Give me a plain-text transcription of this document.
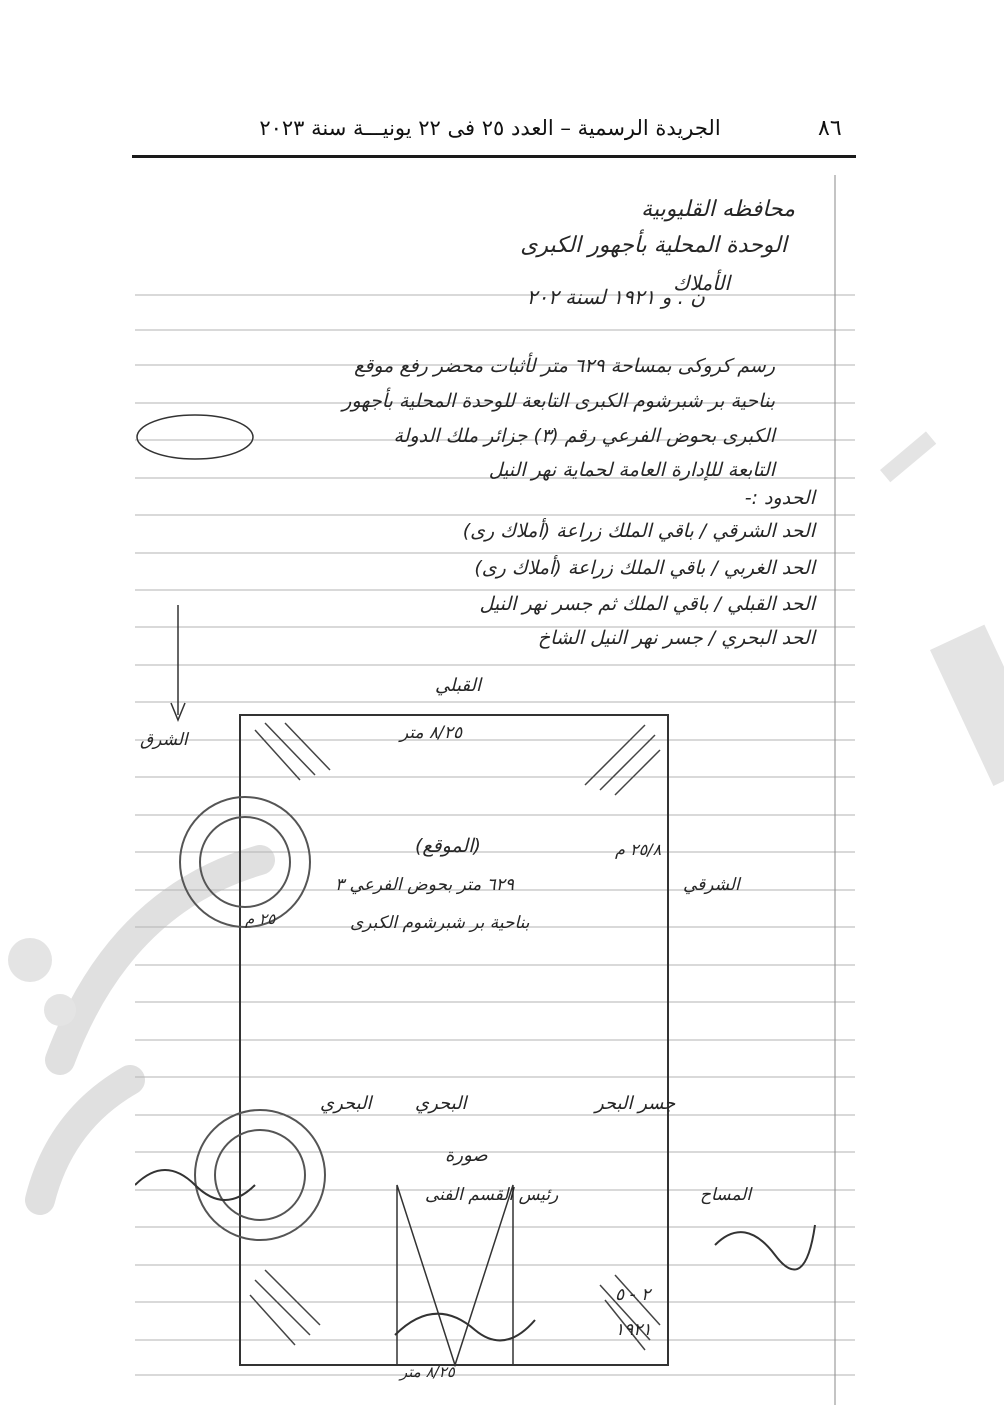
٨٦
الجريدة الرسمية – العدد ٢٥ فى ٢٢ يونيـــة سنة ٢٠٢٣
محافظه القليوبية
الوحدة المحلية بأجهور الكبرى
الأملاك
ن . و ١٩٢١ لسنة ٢٠٢
رسم كروكى بمساحة ٦٢٩ متر لأثبات محضر رفع موقع
بناحية بر شبرشوم الكبرى التابعة للوحدة المحلية بأجهور
الكبرى بحوض الفرعي رقم (٣) جزائر ملك الدولة
التابعة للإدارة العامة لحماية نهر النيل
الحدود :-
الحد الشرقي / باقي الملك زراعة (أملاك رى)
الحد الغربي / باقي الملك زراعة (أملاك رى)
الحد القبلي / باقي الملك ثم جسر نهر النيل
الحد البحري / جسر نهر النيل الشاخ
القبلي
الشرق
الشرقي
٨/٢٥ متر
٨/٢٥ متر
٢٥/٨ م
٢٥ م
(الموقع)
٦٢٩ متر بحوض الفرعي ٣
بناحية بر شبرشوم الكبرى
البحري البحري	جسر البحر
صورة
رئيس القسم الفنى	المساح
٢ - ٥
١٩٢١
